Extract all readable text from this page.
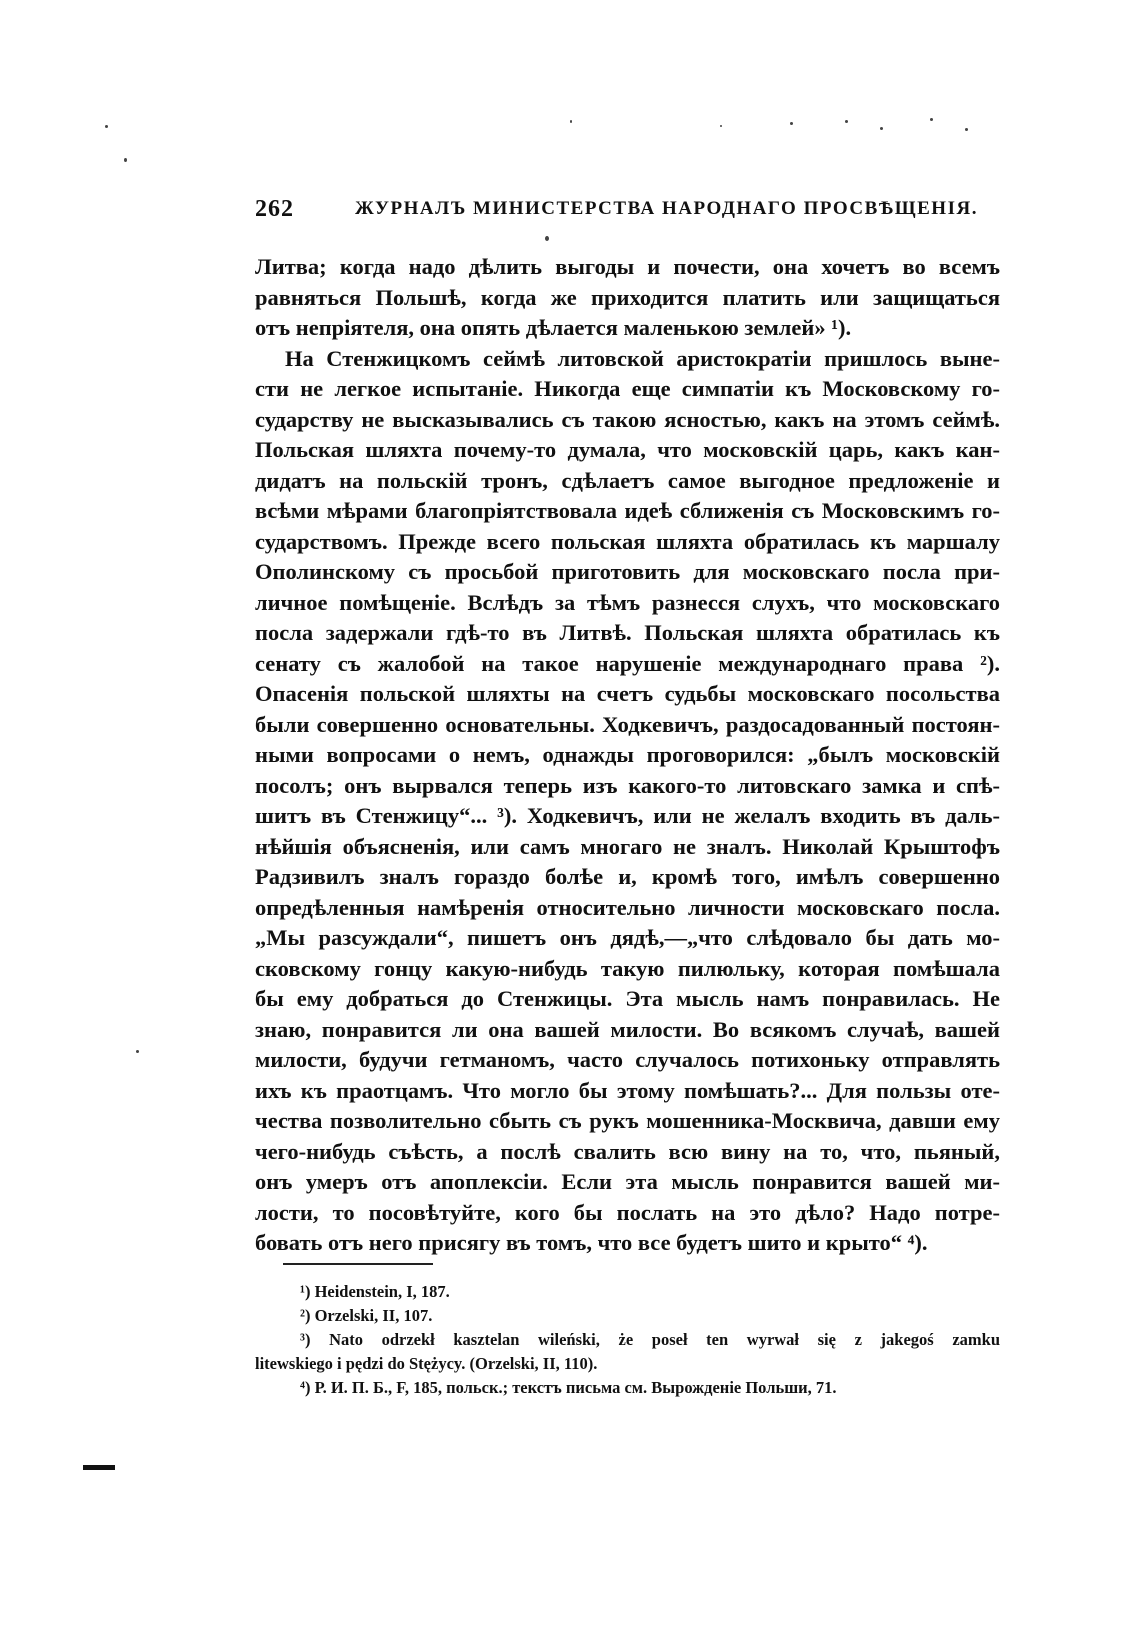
262	ЖУРНАЛЪ МИНИСТЕРСТВА НАРОДНАГО ПРОСВѢЩЕНІЯ.

Литва; когда надо дѣлить выгоды и почести, она хочетъ во всемъ

равняться Польшѣ, когда же приходится платить или защищаться

отъ непріятеля, она опять дѣлается маленькою землей» ¹).

На Стенжицкомъ сеймѣ литовской аристократіи пришлось выне-

сти не легкое испытаніе. Никогда еще симпатіи къ Московскому го-

сударству не высказывались съ такою ясностью, какъ на этомъ сеймѣ.

Польская шляхта почему-то думала, что московскій царь, какъ кан-

дидатъ на польскій тронъ, сдѣлаетъ самое выгодное предложеніе и

всѣми мѣрами благопріятствовала идеѣ сближенія съ Московскимъ го-

сударствомъ. Прежде всего польская шляхта обратилась къ маршалу

Ополинскому съ просьбой приготовить для московскаго посла при-

личное помѣщеніе. Вслѣдъ за тѣмъ разнесся слухъ, что московскаго

посла задержали гдѣ-то въ Литвѣ. Польская шляхта обратилась къ

сенату съ жалобой на такое нарушеніе международнаго права ²).

Опасенія польской шляхты на счетъ судьбы московскаго посольства

были совершенно основательны. Ходкевичъ, раздосадованный постоян-

ными вопросами о немъ, однажды проговорился: „былъ московскій

посолъ; онъ вырвался теперь изъ какого-то литовскаго замка и спѣ-

шитъ въ Стенжицу“... ³). Ходкевичъ, или не желалъ входить въ даль-

нѣйшія объясненія, или самъ многаго не зналъ. Николай Крыштофъ

Радзивилъ зналъ гораздо болѣе и, кромѣ того, имѣлъ совершенно

опредѣленныя намѣренія относительно личности московскаго посла.

„Мы разсуждали“, пишетъ онъ дядѣ,—„что слѣдовало бы дать мо-

сковскому гонцу какую-нибудь такую пилюльку, которая помѣшала

бы ему добраться до Стенжицы. Эта мысль намъ понравилась. Не

знаю, понравится ли она вашей милости. Во всякомъ случаѣ, вашей

милости, будучи гетманомъ, часто случалось потихоньку отправлять

ихъ къ праотцамъ. Что могло бы этому помѣшать?... Для пользы оте-

чества позволительно сбыть съ рукъ мошенника-Москвича, давши ему

чего-нибудь съѣсть, а послѣ свалить всю вину на то, что, пьяный,

онъ умеръ отъ апоплексіи. Если эта мысль понравится вашей ми-

лости, то посовѣтуйте, кого бы послать на это дѣло? Надо потре-

бовать отъ него присягу въ томъ, что все будетъ шито и крыто“ ⁴).

¹) Heidenstein, I, 187.

²) Orzelski, II, 107.

³) Nato odrzekł kasztelan wileński, że poseł ten wyrwał się z jakegoś zamku

litewskiego i pędzi do Stężycy. (Orzelski, II, 110).

⁴) Р. И. П. Б., F, 185, польск.; текстъ письма см. Вырожденіе Польши, 71.
